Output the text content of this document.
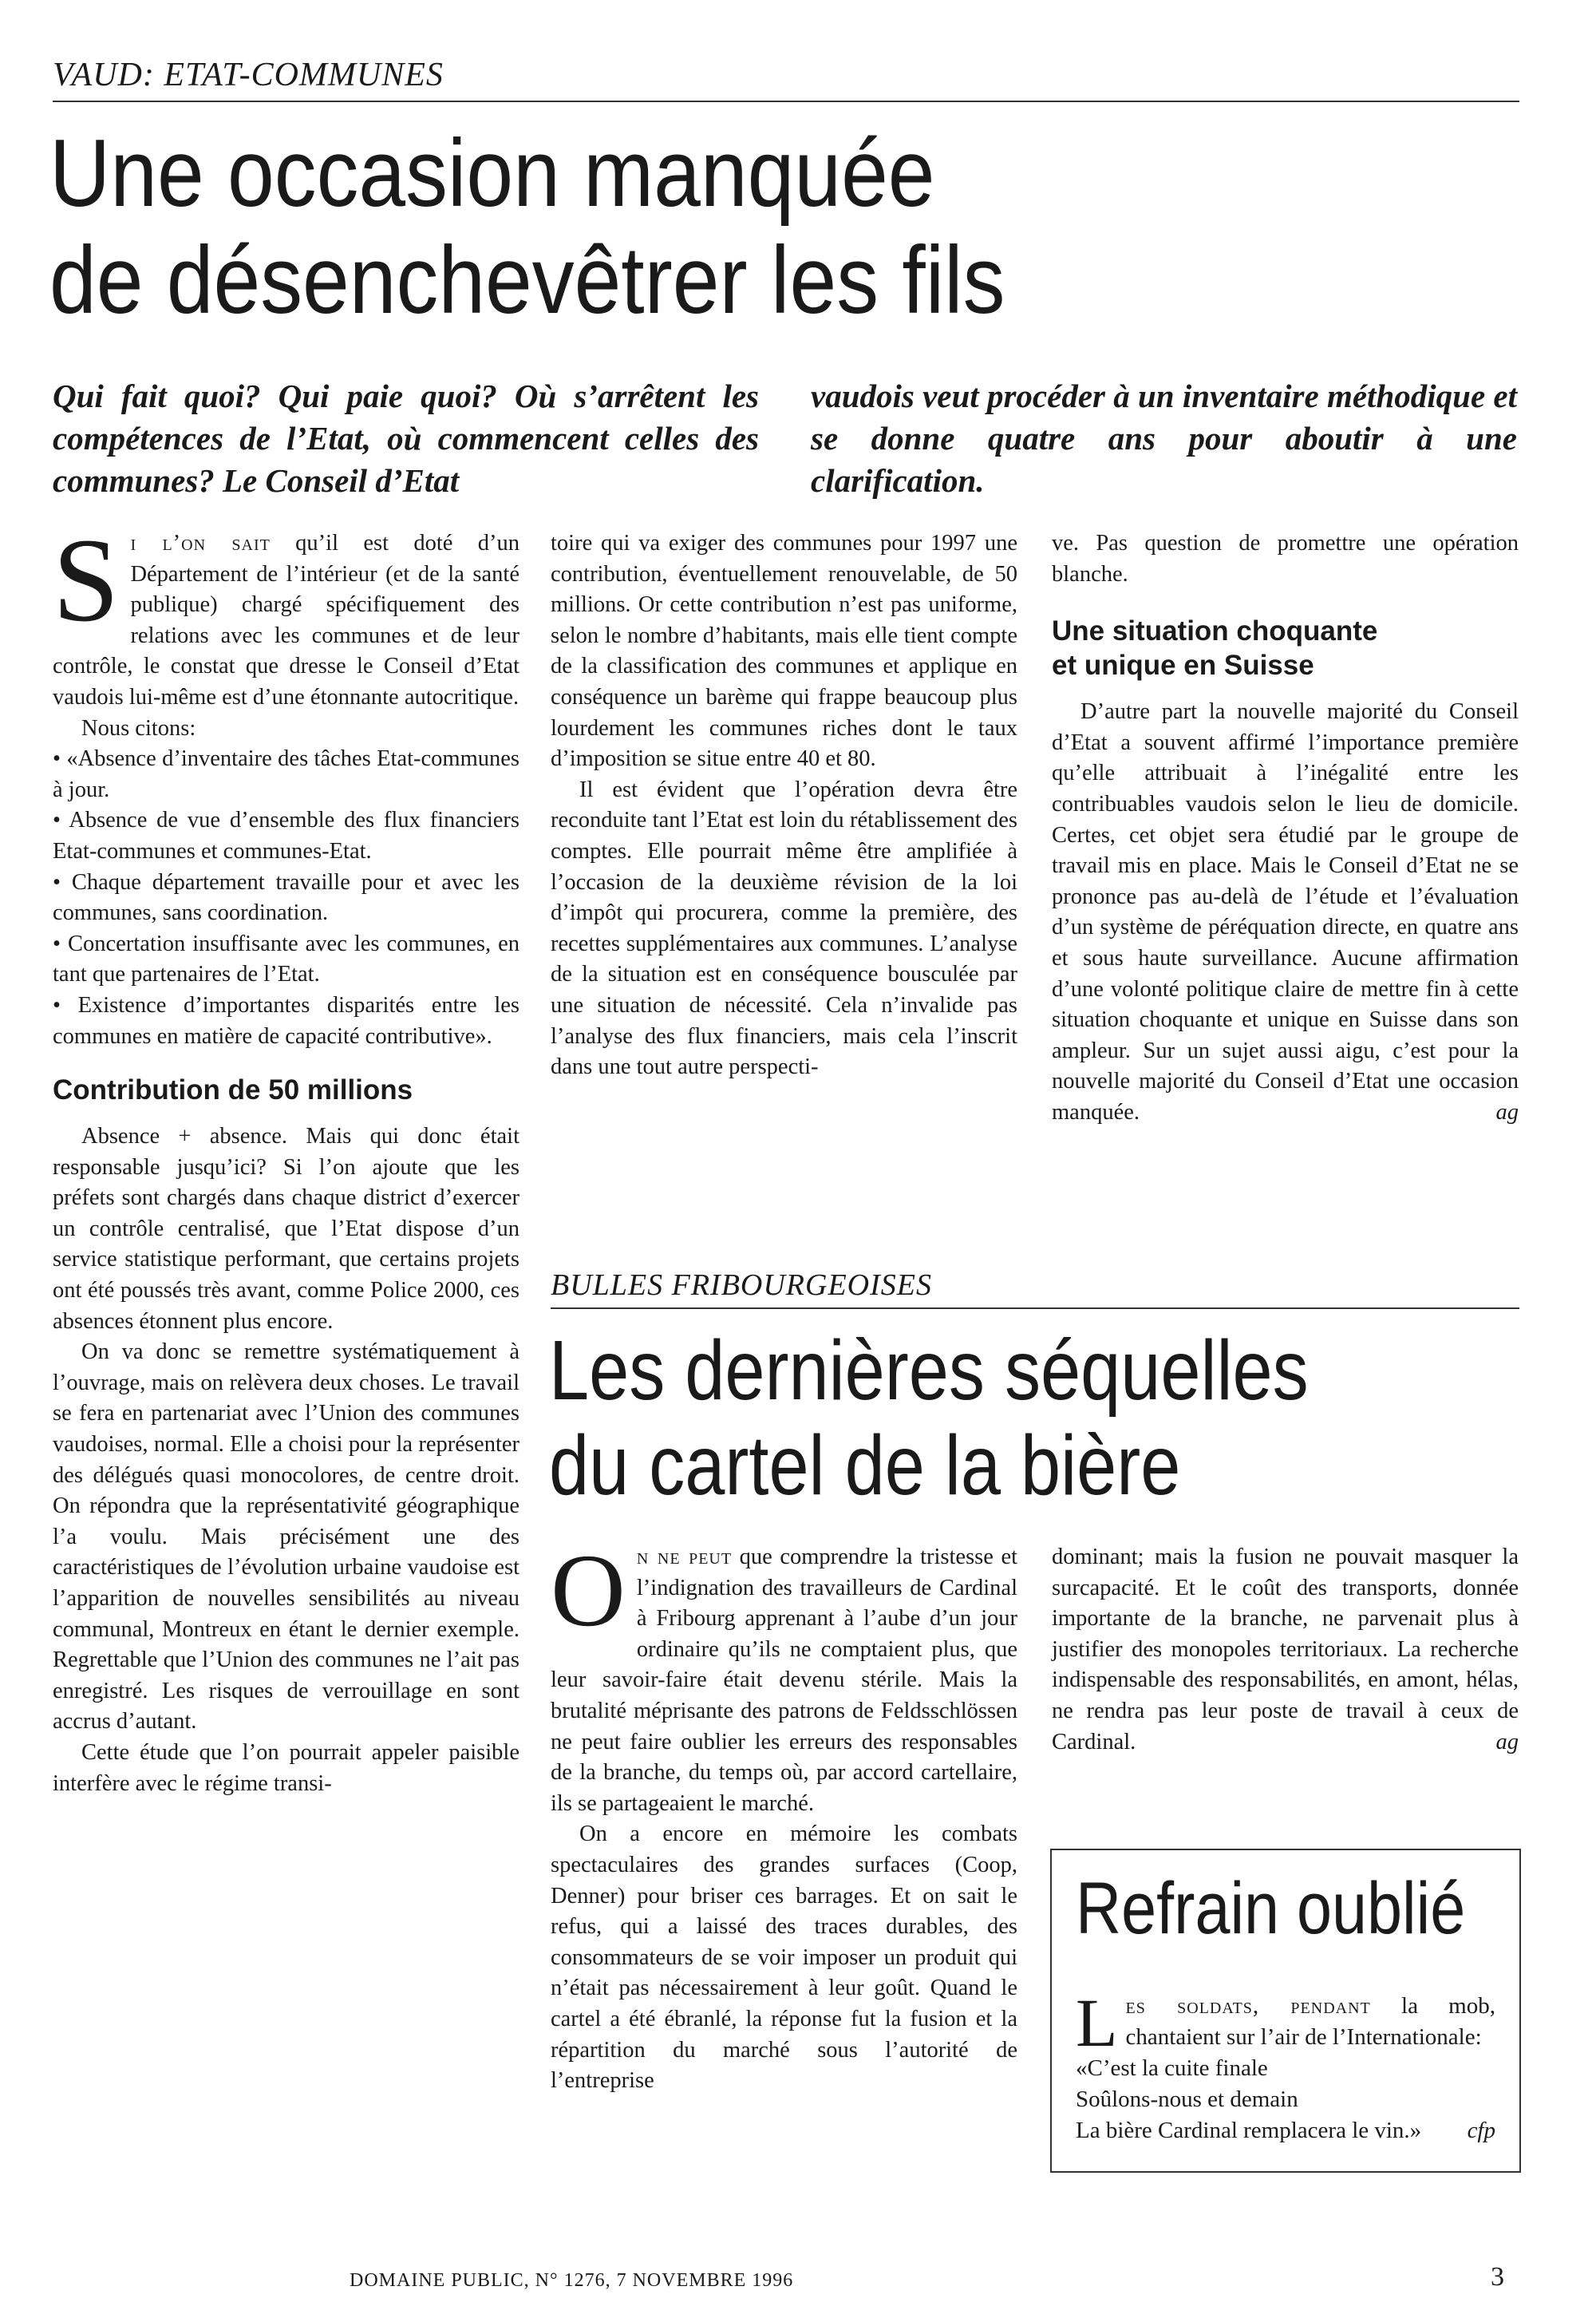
VAUD: ETAT-COMMUNES
Une occasion manquée
de désenchevêtrer les fils

Qui fait quoi? Qui paie quoi? Où s’arrêtent les compétences de l’Etat, où commencent celles des communes? Le Conseil d’Etat

vaudois veut procéder à un inventaire méthodique et se donne quatre ans pour aboutir à une clarification.

Si l’on sait qu’il est doté d’un Département de l’intérieur (et de la santé publique) chargé spécifiquement des relations avec les communes et de leur contrôle, le constat que dresse le Conseil d’Etat vaudois lui-même est d’une étonnante autocritique.

Nous citons:

• «Absence d’inventaire des tâches Etat-communes à jour.

• Absence de vue d’ensemble des flux financiers Etat-communes et communes-Etat.

• Chaque département travaille pour et avec les communes, sans coordination.

• Concertation insuffisante avec les communes, en tant que partenaires de l’Etat.

• Existence d’importantes disparités entre les communes en matière de capacité contributive».

Contribution de 50 millions

Absence + absence. Mais qui donc était responsable jusqu’ici? Si l’on ajoute que les préfets sont chargés dans chaque district d’exercer un contrôle centralisé, que l’Etat dispose d’un service statistique performant, que certains projets ont été poussés très avant, comme Police 2000, ces absences étonnent plus encore.

On va donc se remettre systématiquement à l’ouvrage, mais on relèvera deux choses. Le travail se fera en partenariat avec l’Union des communes vaudoises, normal. Elle a choisi pour la représenter des délégués quasi monocolores, de centre droit. On répondra que la représentativité géographique l’a voulu. Mais précisément une des caractéristiques de l’évolution urbaine vaudoise est l’apparition de nouvelles sensibilités au niveau communal, Montreux en étant le dernier exemple. Regrettable que l’Union des communes ne l’ait pas enregistré. Les risques de verrouillage en sont accrus d’autant.

Cette étude que l’on pourrait appeler paisible interfère avec le régime transi-

toire qui va exiger des communes pour 1997 une contribution, éventuellement renouvelable, de 50 millions. Or cette contribution n’est pas uniforme, selon le nombre d’habitants, mais elle tient compte de la classification des communes et applique en conséquence un barème qui frappe beaucoup plus lourdement les communes riches dont le taux d’imposition se situe entre 40 et 80.

Il est évident que l’opération devra être reconduite tant l’Etat est loin du rétablissement des comptes. Elle pourrait même être amplifiée à l’occasion de la deuxième révision de la loi d’impôt qui procurera, comme la première, des recettes supplémentaires aux communes. L’analyse de la situation est en conséquence bousculée par une situation de nécessité. Cela n’invalide pas l’analyse des flux financiers, mais cela l’inscrit dans une tout autre perspecti-

ve. Pas question de promettre une opération blanche.

Une situation choquante
et unique en Suisse

D’autre part la nouvelle majorité du Conseil d’Etat a souvent affirmé l’importance première qu’elle attribuait à l’inégalité entre les contribuables vaudois selon le lieu de domicile. Certes, cet objet sera étudié par le groupe de travail mis en place. Mais le Conseil d’Etat ne se prononce pas au-delà de l’étude et l’évaluation d’un système de péréquation directe, en quatre ans et sous haute surveillance. Aucune affirmation d’une volonté politique claire de mettre fin à cette situation choquante et unique en Suisse dans son ampleur. Sur un sujet aussi aigu, c’est pour la nouvelle majorité du Conseil d’Etat une occasion manquée.	ag

BULLES FRIBOURGEOISES
Les dernières séquelles
du cartel de la bière

On ne peut que comprendre la tristesse et l’indignation des travailleurs de Cardinal à Fribourg apprenant à l’aube d’un jour ordinaire qu’ils ne comptaient plus, que leur savoir-faire était devenu stérile. Mais la brutalité méprisante des patrons de Feldsschlössen ne peut faire oublier les erreurs des responsables de la branche, du temps où, par accord cartellaire, ils se partageaient le marché.

On a encore en mémoire les combats spectaculaires des grandes surfaces (Coop, Denner) pour briser ces barrages. Et on sait le refus, qui a laissé des traces durables, des consommateurs de se voir imposer un produit qui n’était pas nécessairement à leur goût. Quand le cartel a été ébranlé, la réponse fut la fusion et la répartition du marché sous l’autorité de l’entreprise

dominant; mais la fusion ne pouvait masquer la surcapacité. Et le coût des transports, donnée importante de la branche, ne parvenait plus à justifier des monopoles territoriaux. La recherche indispensable des responsabilités, en amont, hélas, ne rendra pas leur poste de travail à ceux de Cardinal.	ag

Refrain oublié

Les soldats, pendant la mob, chantaient sur l’air de l’Internationale:

«C’est la cuite finale

Soûlons-nous et demain

La bière Cardinal remplacera le vin.» cfp

DOMAINE PUBLIC, N° 1276, 7 NOVEMBRE 1996	3
